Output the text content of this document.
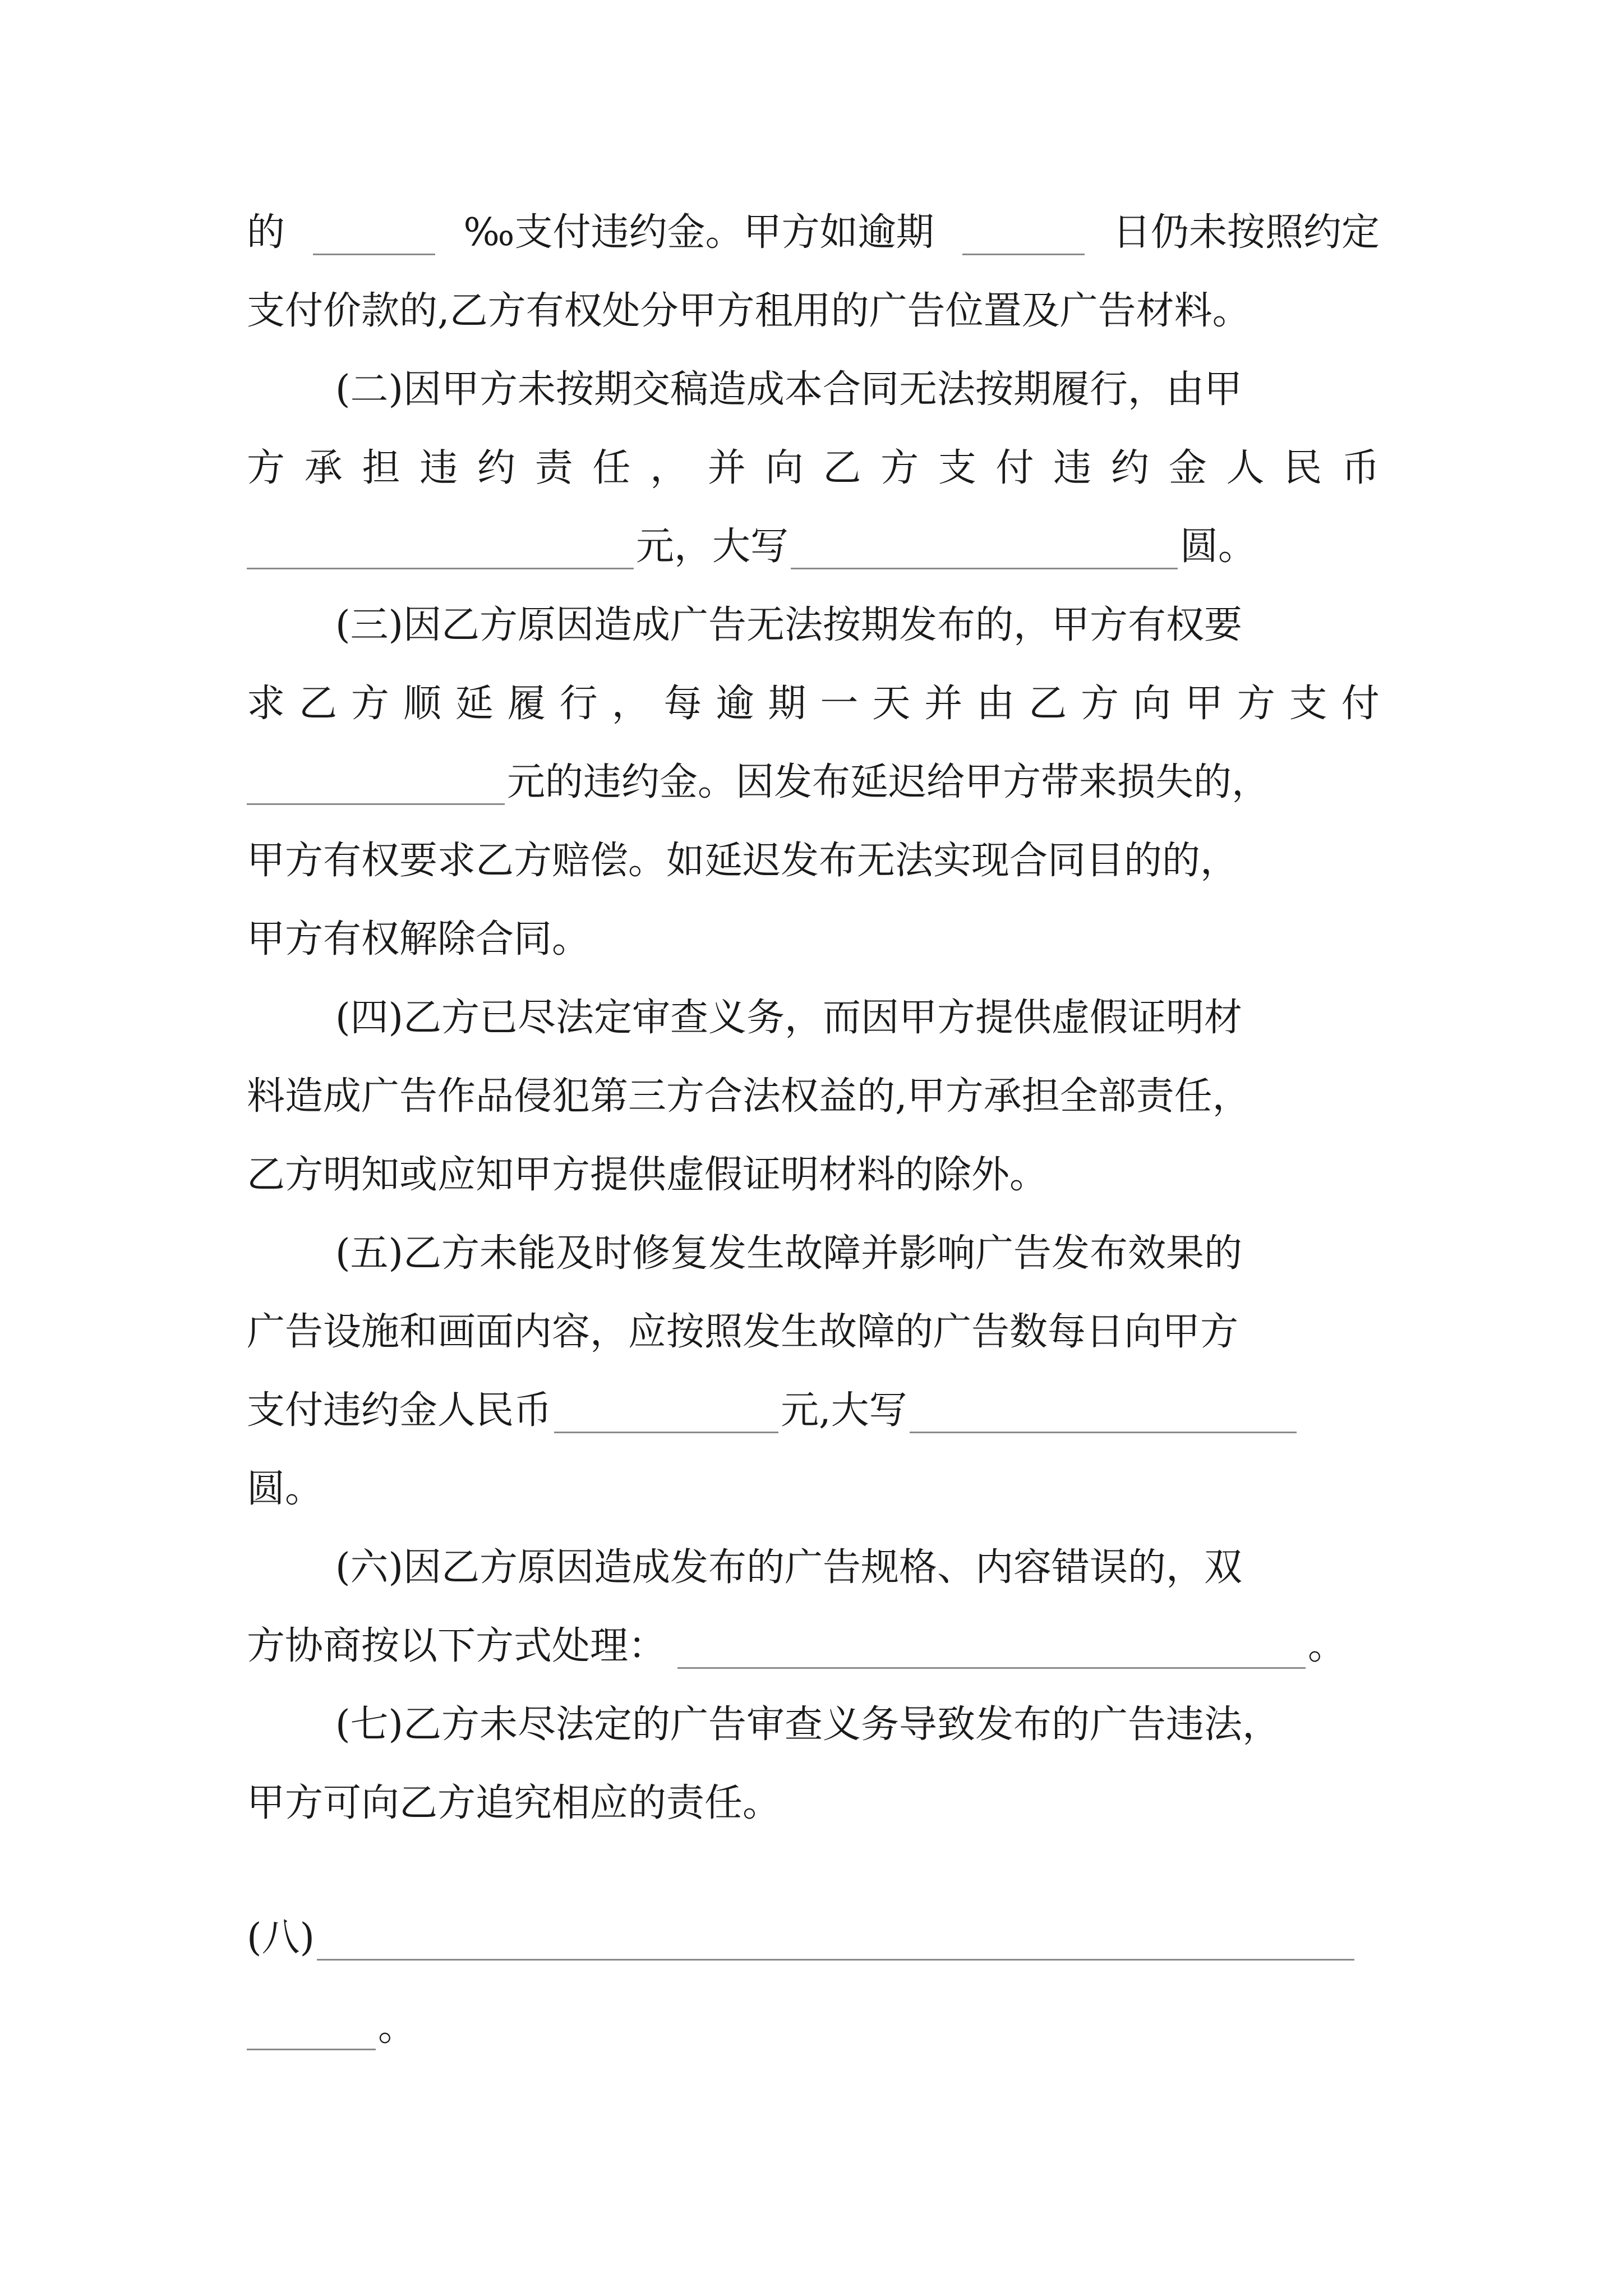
的	‰支付违约金。甲方如逾期	日仍未按照约定
支付价款的,乙方有权处分甲方租用的广告位置及广告材料。
(二)因甲方未按期交稿造成本合同无法按期履行，由甲
方 承 担 违 约 责 任 ， 并 向 乙 方 支 付 违 约 金 人 民 币
元，大写	圆。
(三)因乙方原因造成广告无法按期发布的，甲方有权要
求 乙 方 顺 延 履 行 ， 每 逾 期 一 天 并 由 乙 方 向 甲 方 支 付
元的违约金。因发布延迟给甲方带来损失的，
甲方有权要求乙方赔偿。如延迟发布无法实现合同目的的，
甲方有权解除合同。
(四)乙方已尽法定审查义务，而因甲方提供虚假证明材
料造成广告作品侵犯第三方合法权益的,甲方承担全部责任，
乙方明知或应知甲方提供虚假证明材料的除外。
(五)乙方未能及时修复发生故障并影响广告发布效果的
广告设施和画面内容，应按照发生故障的广告数每日向甲方
支付违约金人民币	元,大写
圆。
(六)因乙方原因造成发布的广告规格、内容错误的，双
方协商按以下方式处理：	。
(七)乙方未尽法定的广告审查义务导致发布的广告违法，
甲方可向乙方追究相应的责任。
(八)
。
